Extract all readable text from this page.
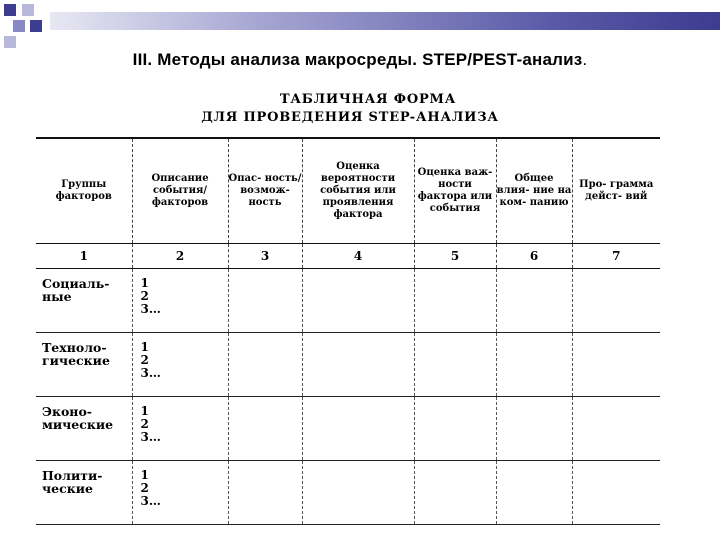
III. Методы анализа макросреды. STEP/PEST-анализ.
ТАБЛИЧНАЯ ФОРМА
ДЛЯ ПРОВЕДЕНИЯ STEP-АНАЛИЗА
Группы факторов	Описание события/ факторов	Опас- ность/ возмож- ность	Оценка вероятности события или проявления фактора	Оценка важ- ности фактора или события	Общее влия- ние на ком- панию	Про- грамма дейст- вий
1	2	3	4	5	6	7
Социаль- ные	1
2
3…					

Техноло- гические	1
2
3…					

Эконо- мические	1
2
3…					

Полити- ческие	1
2
3…					
